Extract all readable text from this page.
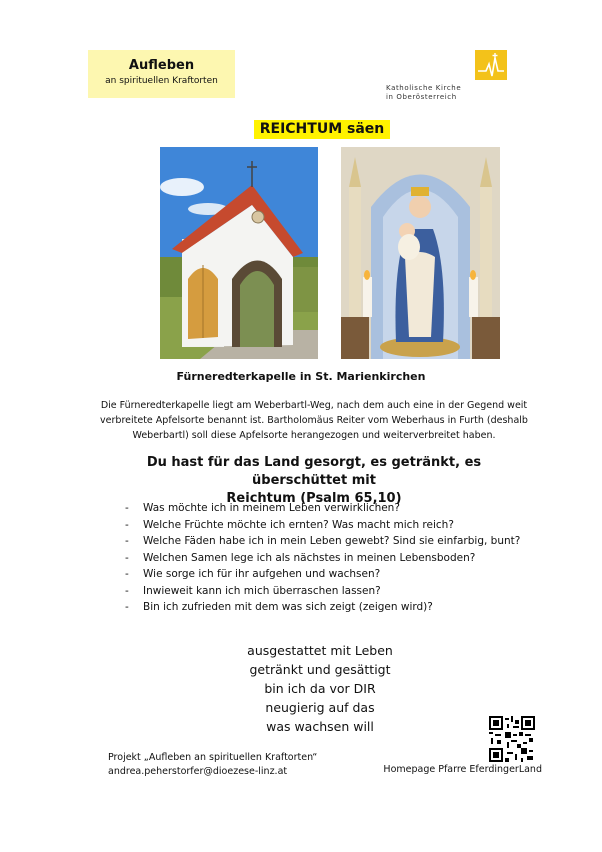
Aufleben
an spirituellen Kraftorten
Katholische Kirche
in Oberösterreich
REICHTUM säen
Fürneredterkapelle in St. Marienkirchen
Die Fürneredterkapelle liegt am Weberbartl-Weg, nach dem auch eine in der Gegend weit verbreitete Apfelsorte benannt ist. Bartholomäus Reiter vom Weberhaus in Furth (deshalb Weberbartl) soll diese Apfelsorte herangezogen und weiterverbreitet haben.
Du hast für das Land gesorgt, es getränkt, es überschüttet mit
Reichtum (Psalm 65,10)
- Was möchte ich in meinem Leben verwirklichen?
- Welche Früchte möchte ich ernten? Was macht mich reich?
- Welche Fäden habe ich in mein Leben gewebt? Sind sie einfarbig, bunt?
- Welchen Samen lege ich als nächstes in meinen Lebensboden?
- Wie sorge ich für ihr aufgehen und wachsen?
- Inwieweit kann ich mich überraschen lassen?
- Bin ich zufrieden mit dem was sich zeigt (zeigen wird)?
ausgestattet mit Leben
getränkt und gesättigt
bin ich da vor DIR
neugierig auf das
was wachsen will
Projekt „Aufleben an spirituellen Kraftorten“
andrea.peherstorfer@dioezese-linz.at	Homepage Pfarre EferdingerLand
